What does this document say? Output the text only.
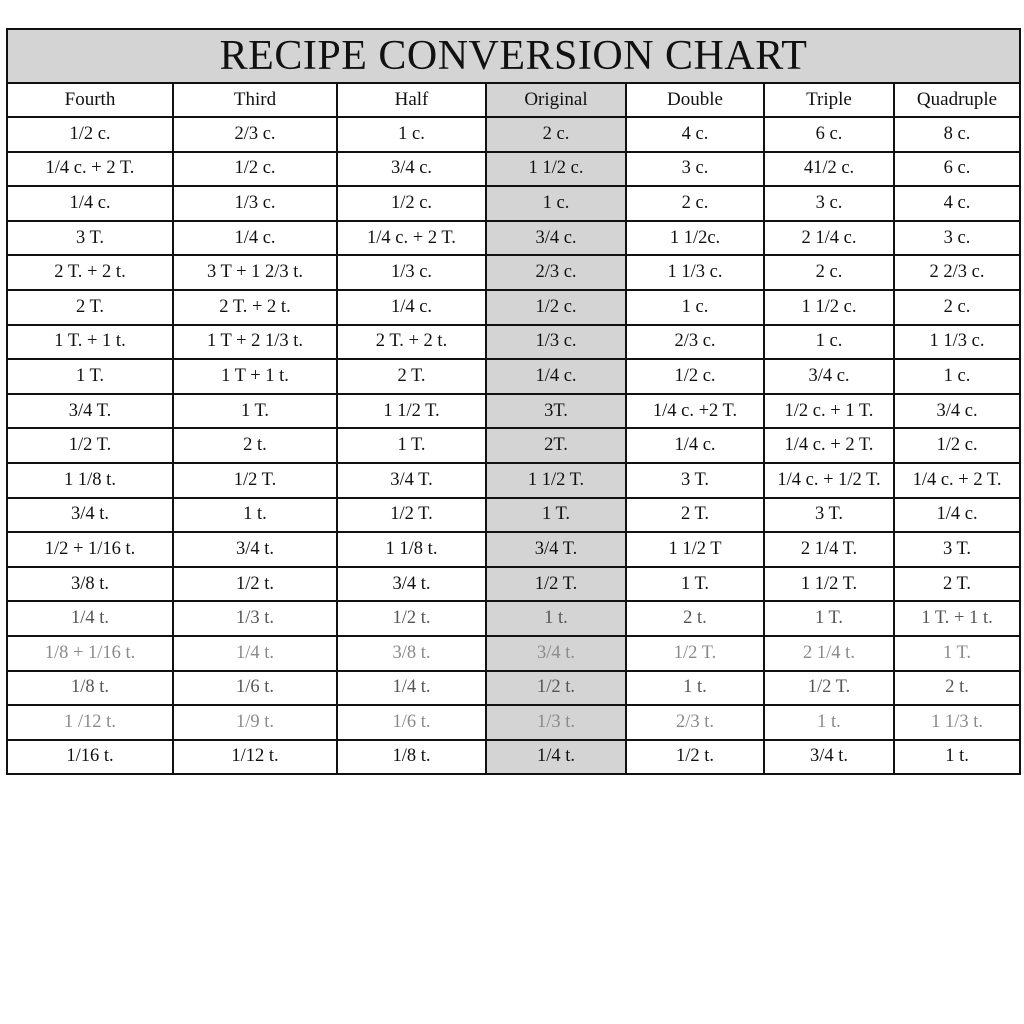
RECIPE CONVERSION CHART						
Fourth	Third	Half	Original	Double	Triple	Quadruple
1/2 c.	2/3 c.	1 c.	2 c.	4 c.	6 c.	8 c.
1/4 c. + 2 T.	1/2 c.	3/4 c.	1 1/2 c.	3 c.	41/2 c.	6 c.
1/4 c.	1/3 c.	1/2 c.	1 c.	2 c.	3 c.	4 c.
3 T.	1/4 c.	1/4 c. + 2 T.	3/4 c.	1 1/2c.	2 1/4 c.	3 c.
2 T. + 2 t.	3 T + 1 2/3 t.	1/3 c.	2/3 c.	1 1/3 c.	2 c.	2 2/3 c.
2 T.	2 T. + 2 t.	1/4 c.	1/2 c.	1 c.	1 1/2 c.	2 c.
1 T. + 1 t.	1 T + 2 1/3 t.	2 T. + 2 t.	1/3 c.	2/3 c.	1 c.	1 1/3 c.
1 T.	1 T + 1 t.	2 T.	1/4 c.	1/2 c.	3/4 c.	1 c.
3/4 T.	1 T.	1 1/2 T.	3T.	1/4 c. +2 T.	1/2 c. + 1 T.	3/4 c.
1/2 T.	2 t.	1 T.	2T.	1/4 c.	1/4 c. + 2 T.	1/2 c.
1 1/8 t.	1/2 T.	3/4 T.	1 1/2 T.	3 T.	1/4 c. + 1/2 T.	1/4 c. + 2 T.
3/4 t.	1 t.	1/2 T.	1 T.	2 T.	3 T.	1/4 c.
1/2 + 1/16 t.	3/4 t.	1 1/8 t.	3/4 T.	1 1/2 T	2 1/4 T.	3 T.
3/8 t.	1/2 t.	3/4 t.	1/2 T.	1 T.	1 1/2 T.	2 T.
1/4 t.	1/3 t.	1/2 t.	1 t.	2 t.	1 T.	1 T. + 1 t.
1/8 + 1/16 t.	1/4 t.	3/8 t.	3/4 t.	1/2 T.	2 1/4 t.	1 T.
1/8 t.	1/6 t.	1/4 t.	1/2 t.	1 t.	1/2 T.	2 t.
1 /12 t.	1/9 t.	1/6 t.	1/3 t.	2/3 t.	1 t.	1 1/3 t.
1/16 t.	1/12 t.	1/8 t.	1/4 t.	1/2 t.	3/4 t.	1 t.
